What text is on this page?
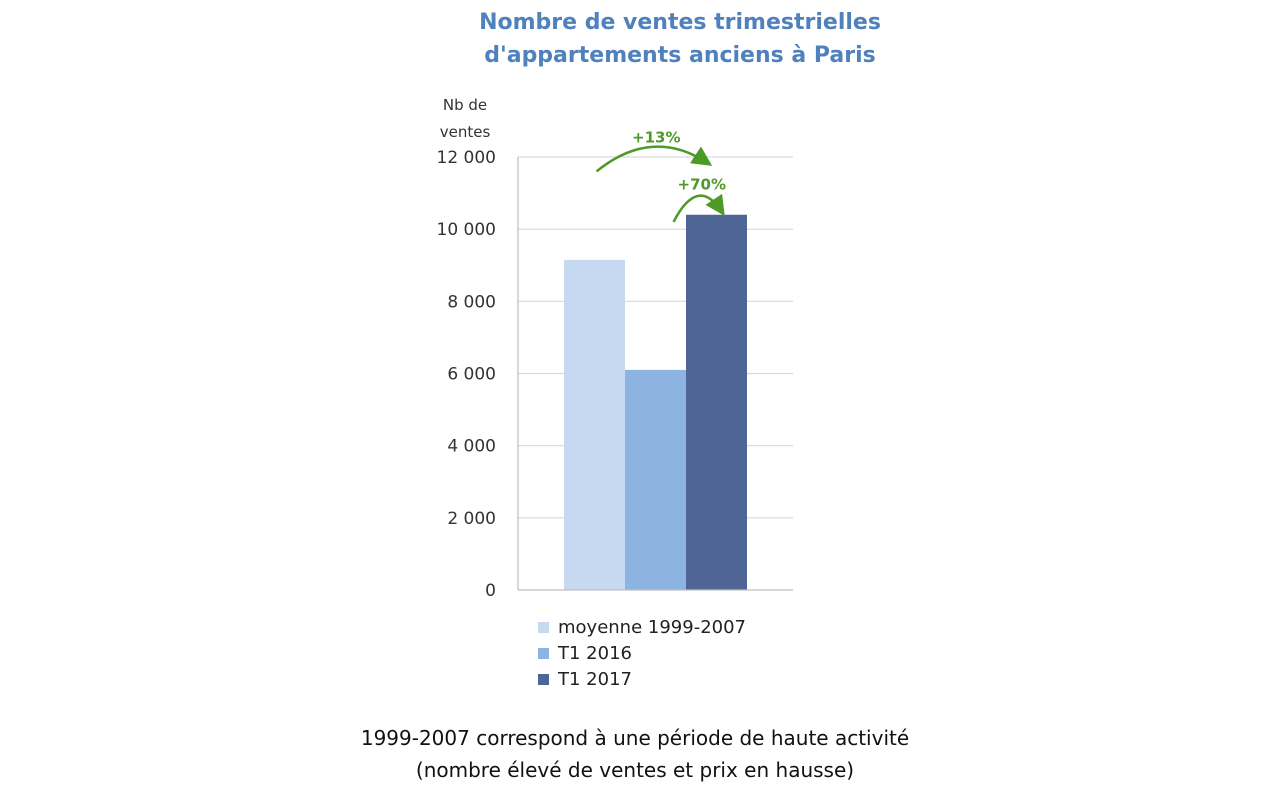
Nombre de ventes trimestrielles
d'appartements anciens à Paris
Nb de
ventes
0
2 000
4 000
6 000
8 000
10 000
12 000
+13%
+70%
moyenne 1999-2007
T1 2016
T1 2017
1999-2007 correspond à une période de haute activité
(nombre élevé de ventes et prix en hausse)
